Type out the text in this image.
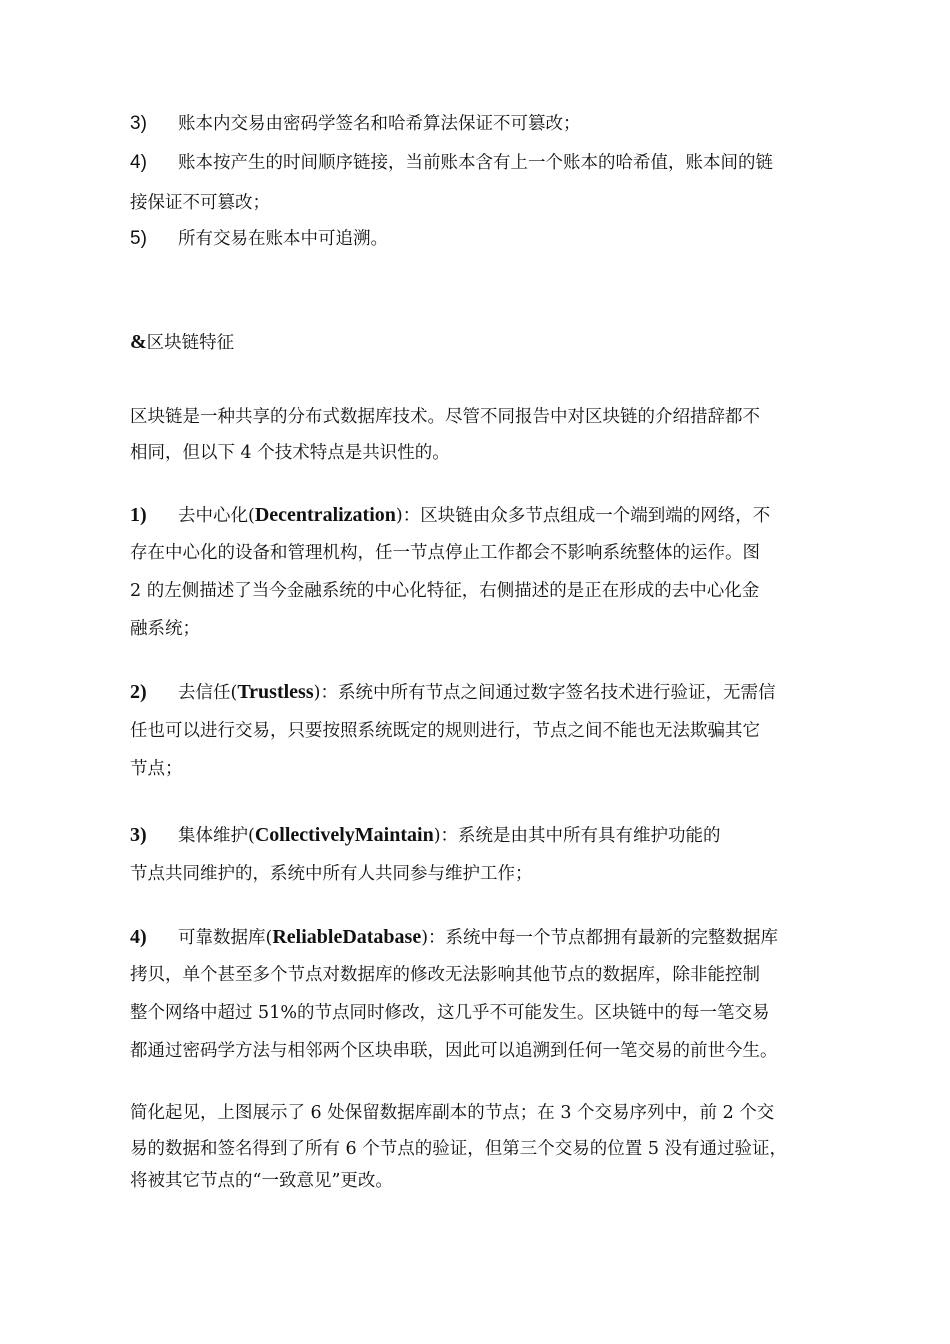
3) 账本内交易由密码学签名和哈希算法保证不可篡改；
4) 账本按产生的时间顺序链接，当前账本含有上一个账本的哈希值，账本间的链
接保证不可篡改；
5) 所有交易在账本中可追溯。
&区块链特征
区块链是一种共享的分布式数据库技术。尽管不同报告中对区块链的介绍措辞都不
相同，但以下 4 个技术特点是共识性的。
1) 去中心化(Decentralization)：区块链由众多节点组成一个端到端的网络，不
存在中心化的设备和管理机构，任一节点停止工作都会不影响系统整体的运作。图
2 的左侧描述了当今金融系统的中心化特征，右侧描述的是正在形成的去中心化金
融系统；
2) 去信任(Trustless)：系统中所有节点之间通过数字签名技术进行验证，无需信
任也可以进行交易，只要按照系统既定的规则进行，节点之间不能也无法欺骗其它
节点；
3) 集体维护(CollectivelyMaintain)：系统是由其中所有具有维护功能的
节点共同维护的，系统中所有人共同参与维护工作；
4) 可靠数据库(ReliableDatabase)：系统中每一个节点都拥有最新的完整数据库
拷贝，单个甚至多个节点对数据库的修改无法影响其他节点的数据库，除非能控制
整个网络中超过 51%的节点同时修改，这几乎不可能发生。区块链中的每一笔交易
都通过密码学方法与相邻两个区块串联，因此可以追溯到任何一笔交易的前世今生。
简化起见，上图展示了 6 处保留数据库副本的节点；在 3 个交易序列中，前 2 个交
易的数据和签名得到了所有 6 个节点的验证，但第三个交易的位置 5 没有通过验证，
将被其它节点的“一致意见”更改。
